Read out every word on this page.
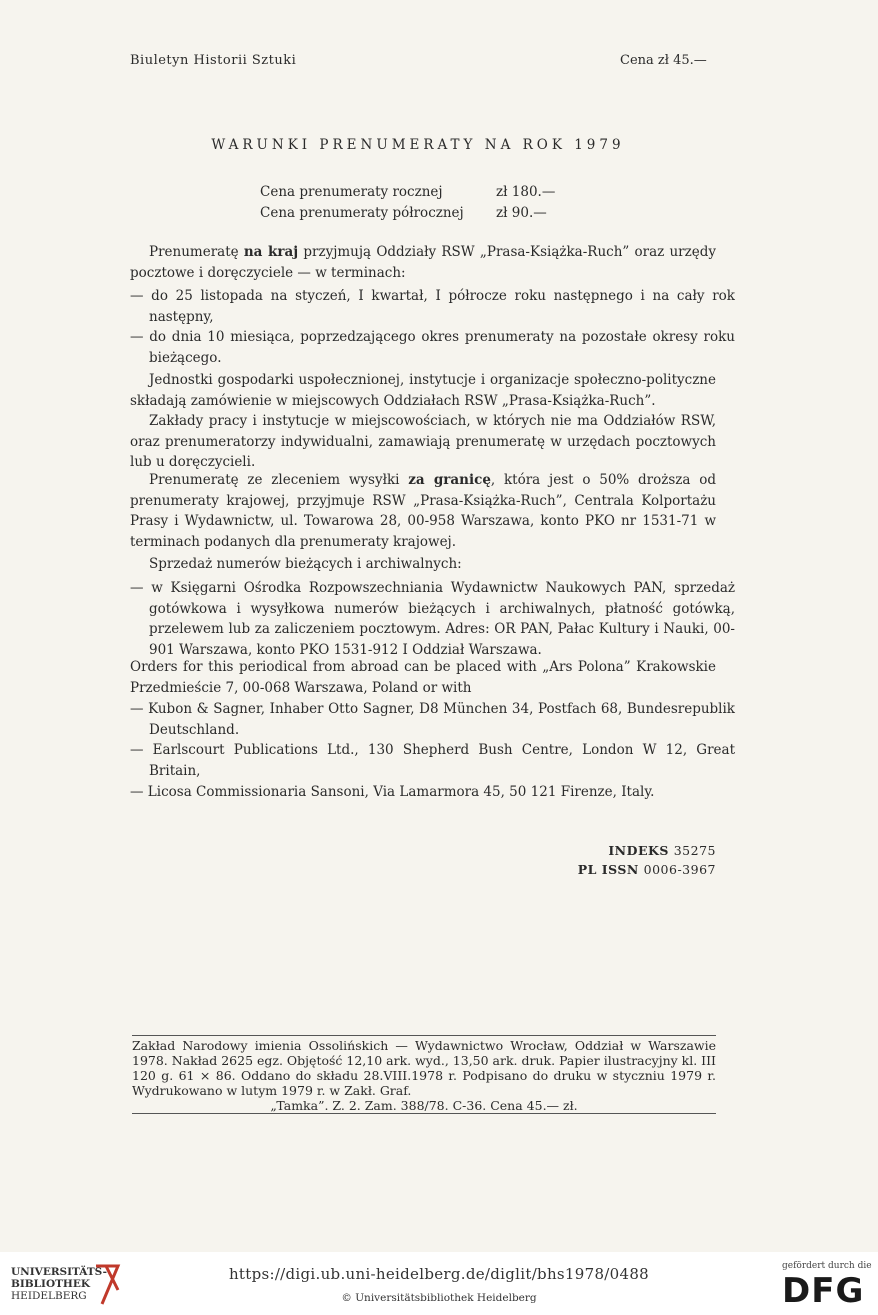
Biuletyn Historii Sztuki	Cena zł 45.—
WARUNKI PRENUMERATY NA ROK 1979
Cena prenumeraty rocznej	zł 180.—
Cena prenumeraty półrocznej zł 90.—
Prenumeratę na kraj przyjmują Oddziały RSW „Prasa-Książka-Ruch” oraz urzędy pocztowe i doręczyciele — w terminach:
— do 25 listopada na styczeń, I kwartał, I półrocze roku następnego i na cały rok następny,
— do dnia 10 miesiąca, poprzedzającego okres prenumeraty na pozostałe okresy roku bieżącego.
Jednostki gospodarki uspołecznionej, instytucje i organizacje społeczno-polityczne składają zamówienie w miejscowych Oddziałach RSW „Prasa-Książka-Ruch”.
Zakłady pracy i instytucje w miejscowościach, w których nie ma Oddziałów RSW, oraz prenumeratorzy indywidualni, zamawiają prenumeratę w urzędach pocztowych lub u doręczycieli.
Prenumeratę ze zleceniem wysyłki za granicę, która jest o 50% droższa od prenumeraty krajowej, przyjmuje RSW „Prasa-Książka-Ruch”, Centrala Kolportażu Prasy i Wydawnictw, ul. Towarowa 28, 00-958 Warszawa, konto PKO nr 1531-71 w terminach podanych dla prenumeraty krajowej.
Sprzedaż numerów bieżących i archiwalnych:
— w Księgarni Ośrodka Rozpowszechniania Wydawnictw Naukowych PAN, sprzedaż gotówkowa i wysyłkowa numerów bieżących i archiwalnych, płatność gotówką, przelewem lub za zaliczeniem pocztowym. Adres: OR PAN, Pałac Kultury i Nauki, 00-901 Warszawa, konto PKO 1531-912 I Oddział Warszawa.
Orders for this periodical from abroad can be placed with „Ars Polona” Krakowskie Przedmieście 7, 00-068 Warszawa, Poland or with
— Kubon & Sagner, Inhaber Otto Sagner, D8 München 34, Postfach 68, Bundesrepublik Deutschland.
— Earlscourt Publications Ltd., 130 Shepherd Bush Centre, London W 12, Great Britain,
— Licosa Commissionaria Sansoni, Via Lamarmora 45, 50 121 Firenze, Italy.
INDEKS 35275
PL ISSN 0006-3967
Zakład Narodowy imienia Ossolińskich — Wydawnictwo Wrocław, Oddział w Warszawie 1978. Nakład 2625 egz. Objętość 12,10 ark. wyd., 13,50 ark. druk. Papier ilustracyjny kl. III 120 g. 61 × 86. Oddano do składu 28.VIII.1978 r. Podpisano do druku w styczniu 1979 r. Wydrukowano w lutym 1979 r. w Zakł. Graf.
„Tamka”. Z. 2. Zam. 388/78. C-36. Cena 45.— zł.
UNIVERSITÄTS-
BIBLIOTHEK
HEIDELBERG
https://digi.ub.uni-heidelberg.de/diglit/bhs1978/0488
© Universitätsbibliothek Heidelberg
gefördert durch die
DFG
